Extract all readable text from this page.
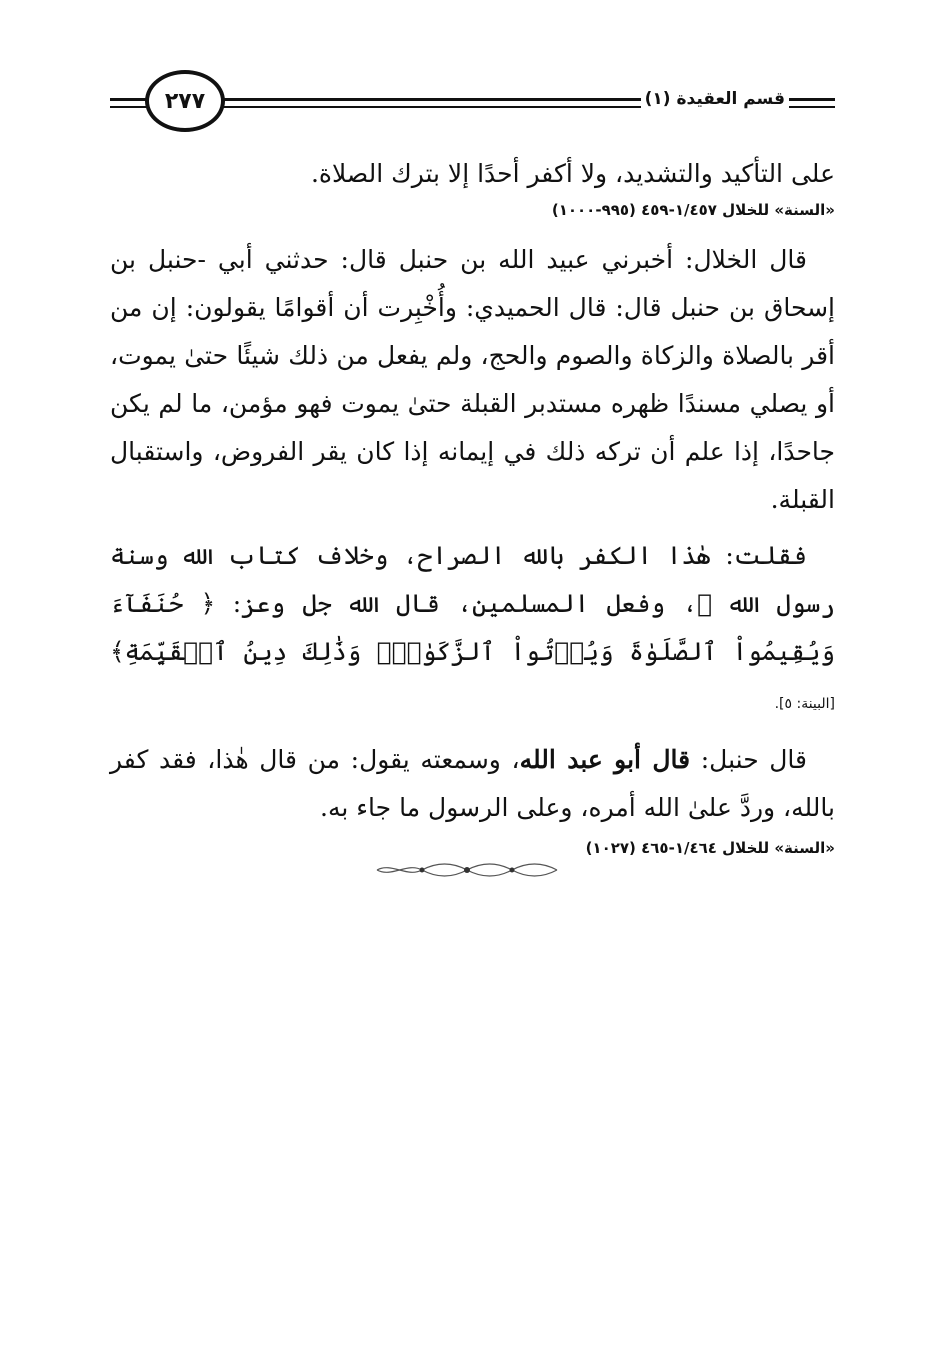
٢٧٧	قسم العقيدة (١)

على التأكيد والتشديد، ولا أكفر أحدًا إلا بترك الصلاة.

«السنة» للخلال ١/٤٥٧-٤٥٩ (٩٩٥-١٠٠٠)

قال الخلال: أخبرني عبيد الله بن حنبل قال: حدثني أبي -حنبل بن إسحاق بن حنبل قال: قال الحميدي: وأُخْبِرت أن أقوامًا يقولون: إن من أقر بالصلاة والزكاة والصوم والحج، ولم يفعل من ذلك شيئًا حتىٰ يموت، أو يصلي مسندًا ظهره مستدبر القبلة حتىٰ يموت فهو مؤمن، ما لم يكن جاحدًا، إذا علم أن تركه ذلك في إيمانه إذا كان يقر الفروض، واستقبال القبلة.

فقلت: هٰذا الكفر بالله الصراح، وخلاف كتاب الله وسنة رسول الله ﷺ، وفعل المسلمين، قال الله جل وعز: ﴿ حُنَفَآءَ وَيُقِيمُواْ ٱلصَّلَوٰةَ وَيُؤۡتُواْ ٱلزَّكَوٰةَۚ وَذَٰلِكَ دِينُ ٱلۡقَيِّمَةِ﴾ [البينة: ٥].

قال حنبل: قال أبو عبد الله، وسمعته يقول: من قال هٰذا، فقد كفر بالله، وردَّ علىٰ الله أمره، وعلى الرسول ما جاء به.

«السنة» للخلال ١/٤٦٤-٤٦٥ (١٠٢٧)
